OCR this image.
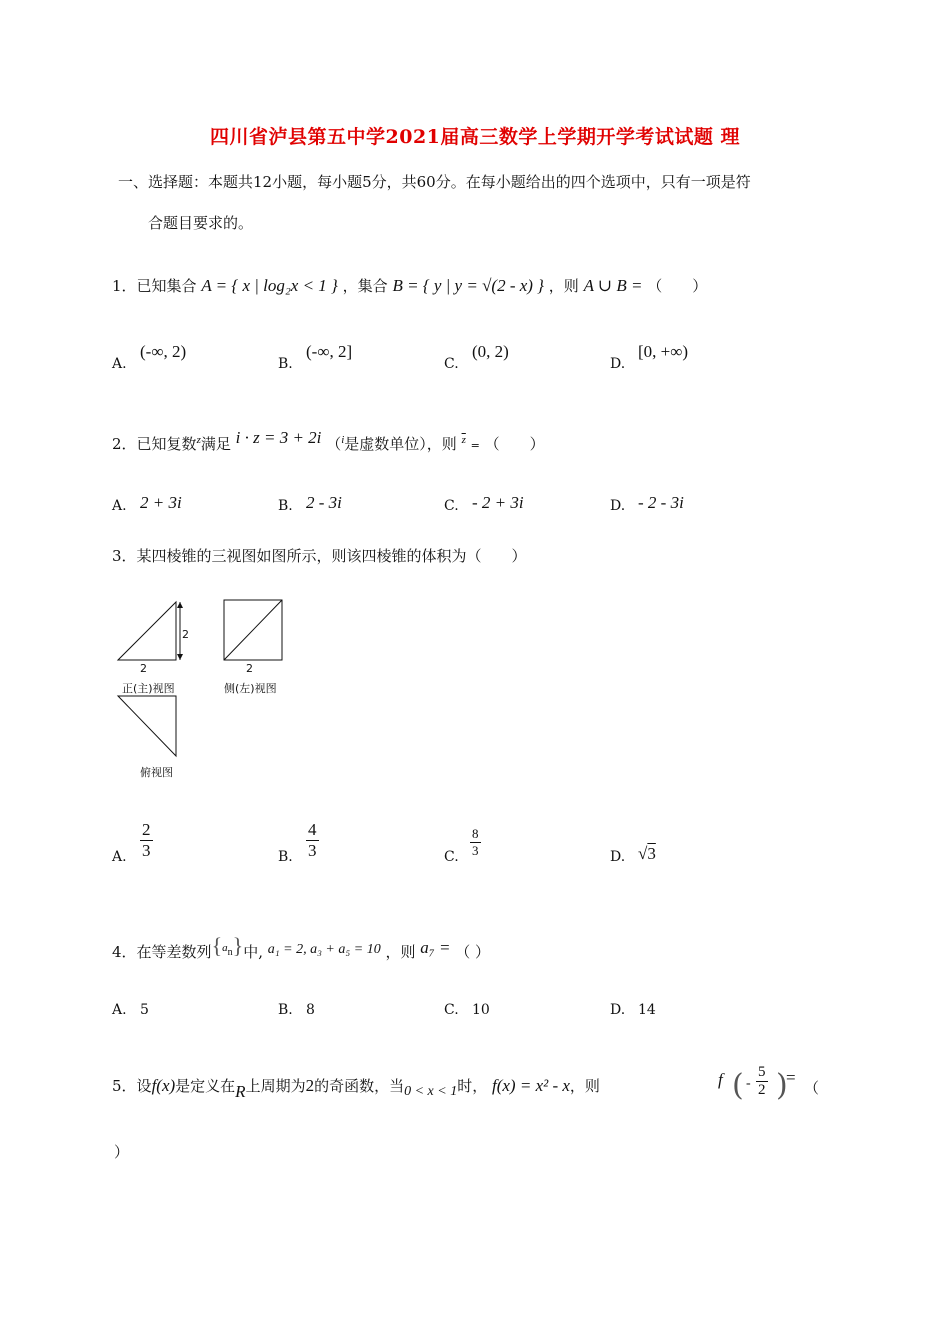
四川省泸县第五中学2021届高三数学上学期开学考试试题 理
一、选择题：本题共12小题，每小题5分，共60分。在每小题给出的四个选项中，只有一项是符
合题目要求的。
1．已知集合 A = { x | log₂x < 1 } ，集合 B = { y | y = √(2 - x) } ，则 A ∪ B = （　　）
A.
(-∞, 2)
B.
(-∞, 2]
C.
(0, 2)
D.
[0, +∞)
2．已知复数$^z$满足 i · z = 3 + 2i （$^i$是虚数单位），则 $^{\overline{z}}$ = （　　）
A. 2 + 3i	B. 2 - 3i	C. - 2 + 3i	D. - 2 - 3i
3．某四棱锥的三视图如图所示，则该四棱锥的体积为（　　）
2
2	2
正(主)视图	侧(左)视图
俯视图
A. $\frac{2}{3}$	B. $\frac{4}{3}$	C. $\frac{8}{3}$	D. √3
4．在等差数列$^{\{an\}}$中, a₁ = 2, a₃ + a₅ = 10 ，则 a₇ = （ ）
A. 5	B. 8	C. 10	D. 14
5．设f(x)是定义在R上周期为2的奇函数，当0 < x < 1时， f(x) = x² - x，则	f ( - $\frac{5}{2}$ )
=
（
）
